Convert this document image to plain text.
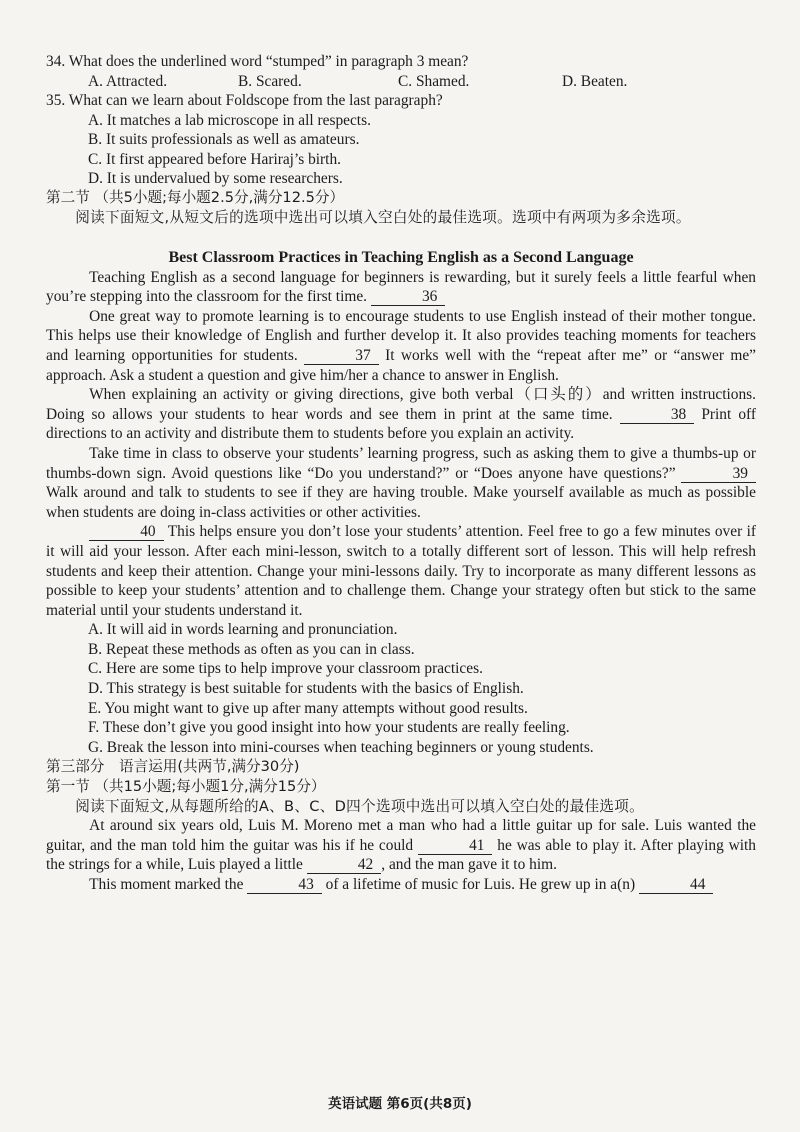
34. What does the underlined word “stumped” in paragraph 3 mean?

A. Attracted.	B. Scared.	C. Shamed.	D. Beaten.

35. What can we learn about Foldscope from the last paragraph?

A. It matches a lab microscope in all respects.

B. It suits professionals as well as amateurs.

C. It first appeared before Hariraj’s birth.

D. It is undervalued by some researchers.

第二节 （共5小题;每小题2.5分,满分12.5分）

阅读下面短文,从短文后的选项中选出可以填入空白处的最佳选项。选项中有两项为多余选项。

Best Classroom Practices in Teaching English as a Second Language

Teaching English as a second language for beginners is rewarding, but it surely feels a little fearful when you’re stepping into the classroom for the first time.	36

One great way to promote learning is to encourage students to use English instead of their mother tongue. This helps use their knowledge of English and further develop it. It also provides teaching moments for teachers and learning opportunities for students.	37 It works well with the “repeat after me” or “answer me” approach. Ask a student a question and give him/her a chance to answer in English.

When explaining an activity or giving directions, give both verbal（口头的）and written instructions. Doing so allows your students to hear words and see them in print at the same time.	38 Print off directions to an activity and distribute them to students before you explain an activity.

Take time in class to observe your students’ learning progress, such as asking them to give a thumbs-up or thumbs-down sign. Avoid questions like “Do you understand?” or “Does anyone have questions?”	39 Walk around and talk to students to see if they are having trouble. Make yourself available as much as possible when students are doing in-class activities or other activities.

40 This helps ensure you don’t lose your students’ attention. Feel free to go a few minutes over if it will aid your lesson. After each mini-lesson, switch to a totally different sort of lesson. This will help refresh students and keep their attention. Change your mini-lessons daily. Try to incorporate as many different lessons as possible to keep your students’ attention and to challenge them. Change your strategy often but stick to the same material until your students understand it.

A. It will aid in words learning and pronunciation.

B. Repeat these methods as often as you can in class.

C. Here are some tips to help improve your classroom practices.

D. This strategy is best suitable for students with the basics of English.

E. You might want to give up after many attempts without good results.

F. These don’t give you good insight into how your students are really feeling.

G. Break the lesson into mini-courses when teaching beginners or young students.

第三部分　语言运用(共两节,满分30分)

第一节 （共15小题;每小题1分,满分15分）

阅读下面短文,从每题所给的A、B、C、D四个选项中选出可以填入空白处的最佳选项。

At around six years old, Luis M. Moreno met a man who had a little guitar up for sale. Luis wanted the guitar, and the man told him the guitar was his if he could	41 he was able to play it. After playing with the strings for a while, Luis played a little	42 , and the man gave it to him.

This moment marked the	43 of a lifetime of music for Luis. He grew up in a(n)	44

英语试题 第6页(共8页)
